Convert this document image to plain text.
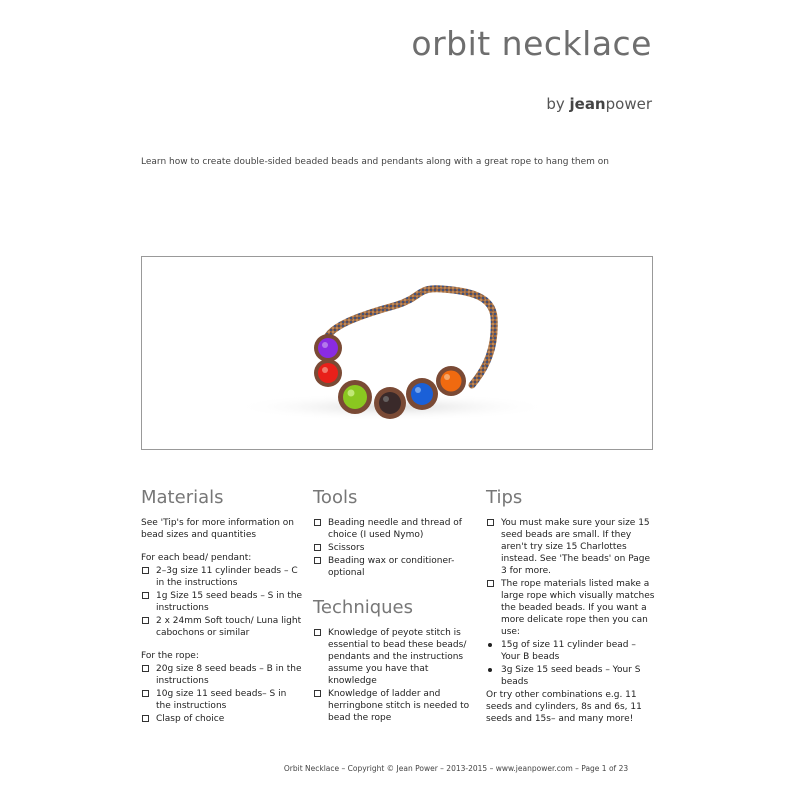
orbit necklace
by jeanpower
Learn how to create double-sided beaded beads and pendants along with a great rope to hang them on
Materials
See 'Tip's for more information on bead sizes and quantities
For each bead/ pendant:
2–3g size 11 cylinder beads – C in the instructions
1g Size 15 seed beads – S in the instructions
2 x 24mm Soft touch/ Luna light cabochons or similar
For the rope:
20g size 8 seed beads – B in the instructions
10g size 11 seed beads– S in the instructions
Clasp of choice
Tools
Beading needle and thread of choice (I used Nymo)
Scissors
Beading wax or conditioner- optional
Techniques
Knowledge of peyote stitch is essential to bead these beads/ pendants and the instructions assume you have that knowledge
Knowledge of ladder and herringbone stitch is needed to bead the rope
Tips
You must make sure your size 15 seed beads are small. If they aren't try size 15 Charlottes instead. See 'The beads' on Page 3 for more.
The rope materials listed make a large rope which visually matches the beaded beads. If you want a more delicate rope then you can use:
15g of size 11 cylinder bead – Your B beads
3g Size 15 seed beads – Your S beads
Or try other combinations e.g. 11 seeds and cylinders, 8s and 6s, 11 seeds and 15s– and many more!
Orbit Necklace – Copyright © Jean Power – 2013-2015 – www.jeanpower.com – Page 1 of 23
